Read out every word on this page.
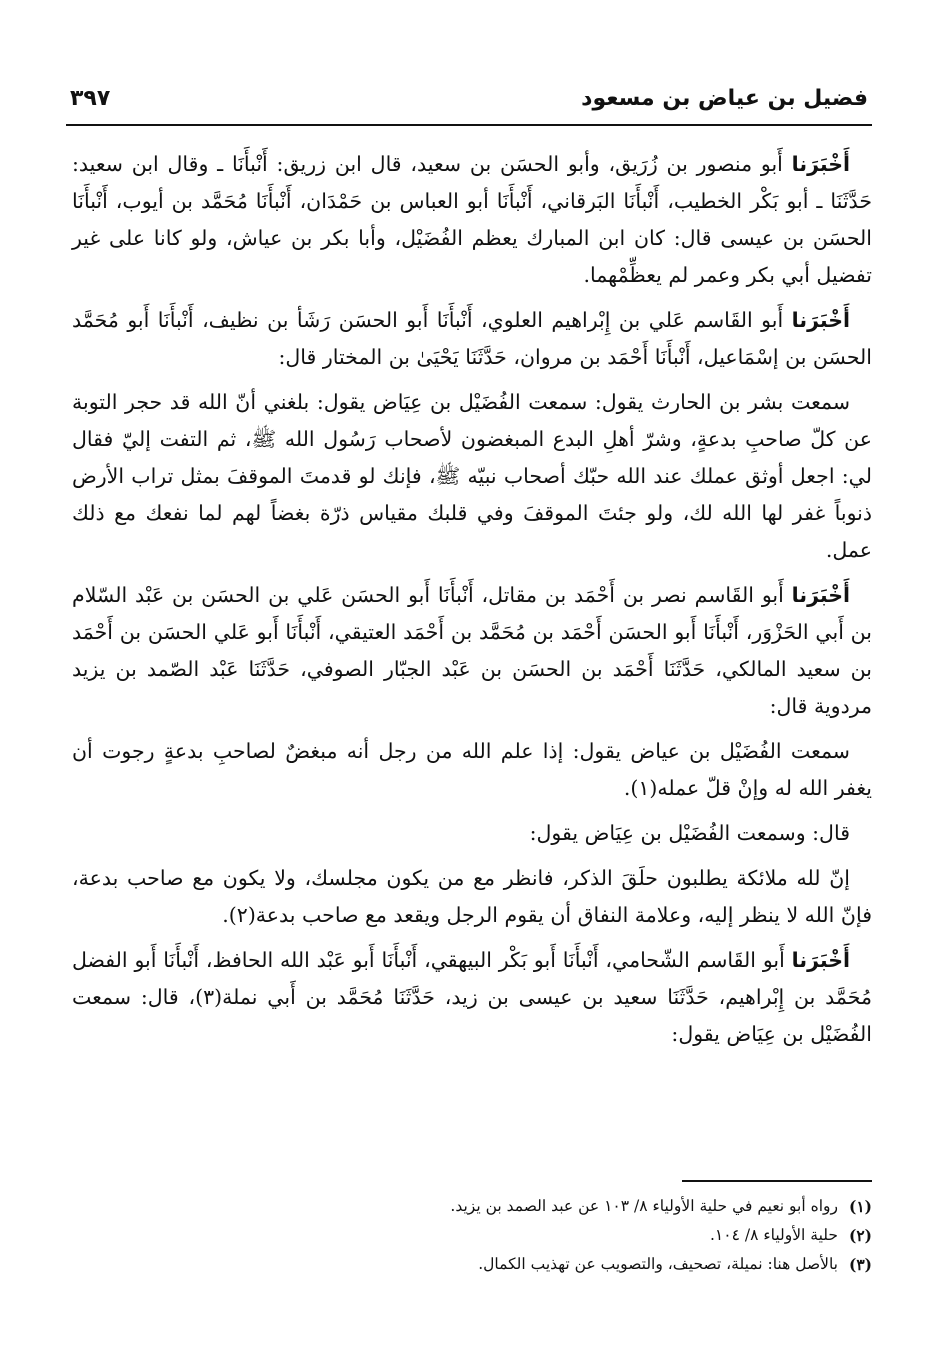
فضيل بن عياض بن مسعود
٣٩٧

أَخْبَرَنا أَبو منصور بن زُرَيق، وأبو الحسَن بن سعيد، قال ابن زريق: أَنْبأَنَا ـ وقال ابن سعيد: حَدَّثَنَا ـ أبو بَكْر الخطيب، أَنْبأَنَا البَرقاني، أَنْبأَنَا أبو العباس بن حَمْدَان، أَنْبأَنَا مُحَمَّد بن أيوب، أَنْبأَنَا الحسَن بن عيسى قال: كان ابن المبارك يعظم الفُضَيْل، وأبا بكر بن عياش، ولو كانا على غير تفضيل أبي بكر وعمر لم يعظِّمْهما.

أَخْبَرَنا أَبو القَاسم عَلي بن إِبْراهيم العلوي، أَنْبأَنَا أَبو الحسَن رَشَأ بن نظيف، أَنْبأَنَا أَبو مُحَمَّد الحسَن بن إسْمَاعيل، أَنْبأَنَا أَحْمَد بن مروان، حَدَّثَنَا يَحْيَىٰ بن المختار قال:

سمعت بشر بن الحارث يقول: سمعت الفُضَيْل بن عِيَاض يقول: بلغني أنّ الله قد حجر التوبة عن كلّ صاحبِ بدعةٍ، وشرّ أهلِ البدع المبغضون لأصحاب رَسُول الله ﷺ، ثم التفت إليّ فقال لي: اجعل أوثق عملك عند الله حبّك أصحاب نبيّه ﷺ، فإنك لو قدمتَ الموقفَ بمثل تراب الأرض ذنوباً غفر لها الله لك، ولو جئتَ الموقفَ وفي قلبك مقياس ذرّة بغضاً لهم لما نفعك مع ذلك عمل.

أَخْبَرَنا أَبو القَاسم نصر بن أَحْمَد بن مقاتل، أَنْبأَنَا أَبو الحسَن عَلي بن الحسَن بن عَبْد السّلام بن أَبي الحَزْوَر، أَنْبأَنَا أَبو الحسَن أَحْمَد بن مُحَمَّد بن أَحْمَد العتيقي، أَنْبأَنَا أَبو عَلي الحسَن بن أَحْمَد بن سعيد المالكي، حَدَّثَنَا أَحْمَد بن الحسَن بن عَبْد الجبّار الصوفي، حَدَّثَنَا عَبْد الصّمد بن يزيد مردوية قال:

سمعت الفُضَيْل بن عياض يقول: إذا علم الله من رجل أنه مبغضٌ لصاحبِ بدعةٍ رجوت أن يغفر الله له وإنْ قلّ عمله(١).

قال: وسمعت الفُضَيْل بن عِيَاض يقول:

إنّ لله ملائكة يطلبون حلَقَ الذكر، فانظر مع من يكون مجلسك، ولا يكون مع صاحب بدعة، فإنّ الله لا ينظر إليه، وعلامة النفاق أن يقوم الرجل ويقعد مع صاحب بدعة(٢).

أَخْبَرَنا أَبو القَاسم الشّحامي، أَنْبأَنَا أَبو بَكْر البيهقي، أَنْبأَنَا أَبو عَبْد الله الحافظ، أَنْبأَنَا أَبو الفضل مُحَمَّد بن إِبْراهيم، حَدَّثَنَا سعيد بن عيسى بن زيد، حَدَّثَنَا مُحَمَّد بن أَبي نملة(٣)، قال: سمعت الفُضَيْل بن عِيَاض يقول:

(١)
رواه أبو نعيم في حلية الأولياء ٨/ ١٠٣ عن عبد الصمد بن يزيد.
(٢)
حلية الأولياء ٨/ ١٠٤.
(٣)
بالأصل هنا: نميلة، تصحيف، والتصويب عن تهذيب الكمال.
